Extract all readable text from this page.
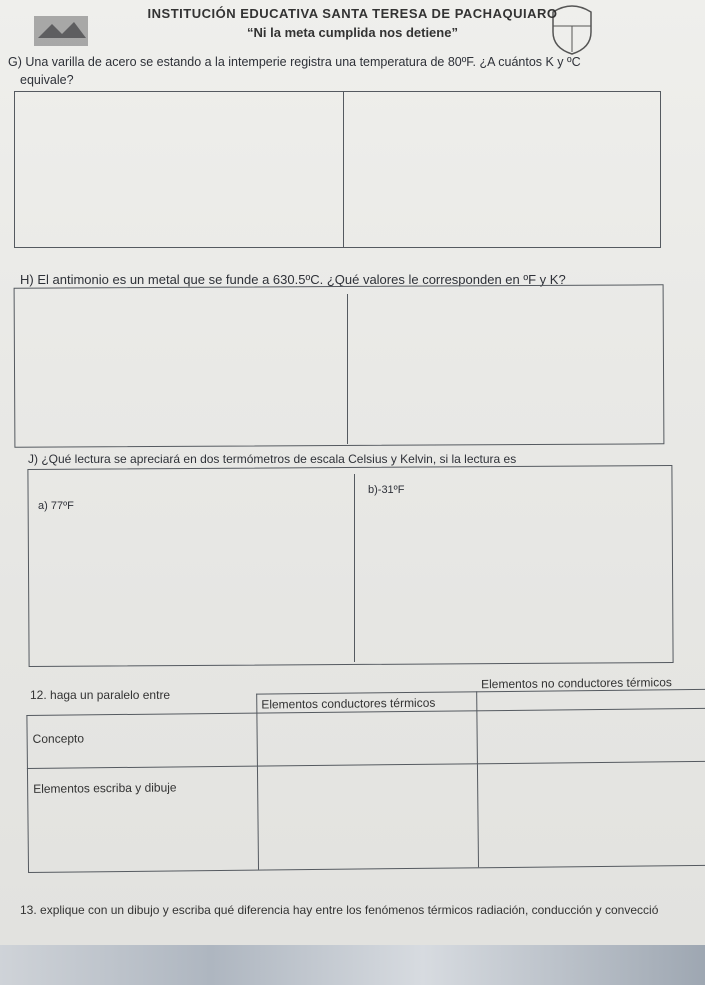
INSTITUCIÓN EDUCATIVA SANTA TERESA DE PACHAQUIARO
“Ni la meta cumplida nos detiene”
G) Una varilla de acero se estando a la intemperie registra una temperatura de 80ºF. ¿A cuántos K y ºC
equivale?
H) El antimonio es un metal que se funde a 630.5ºC. ¿Qué valores le corresponden en ºF y K?
J) ¿Qué lectura se apreciará en dos termómetros de escala Celsius y Kelvin, si la lectura es
a) 77ºF
b)-31ºF
12. haga un paralelo entre
Elementos conductores térmicos
Elementos no conductores térmicos
Concepto
Elementos escriba y dibuje
13. explique con un dibujo y escriba qué diferencia hay entre los fenómenos térmicos radiación, conducción y convecció
